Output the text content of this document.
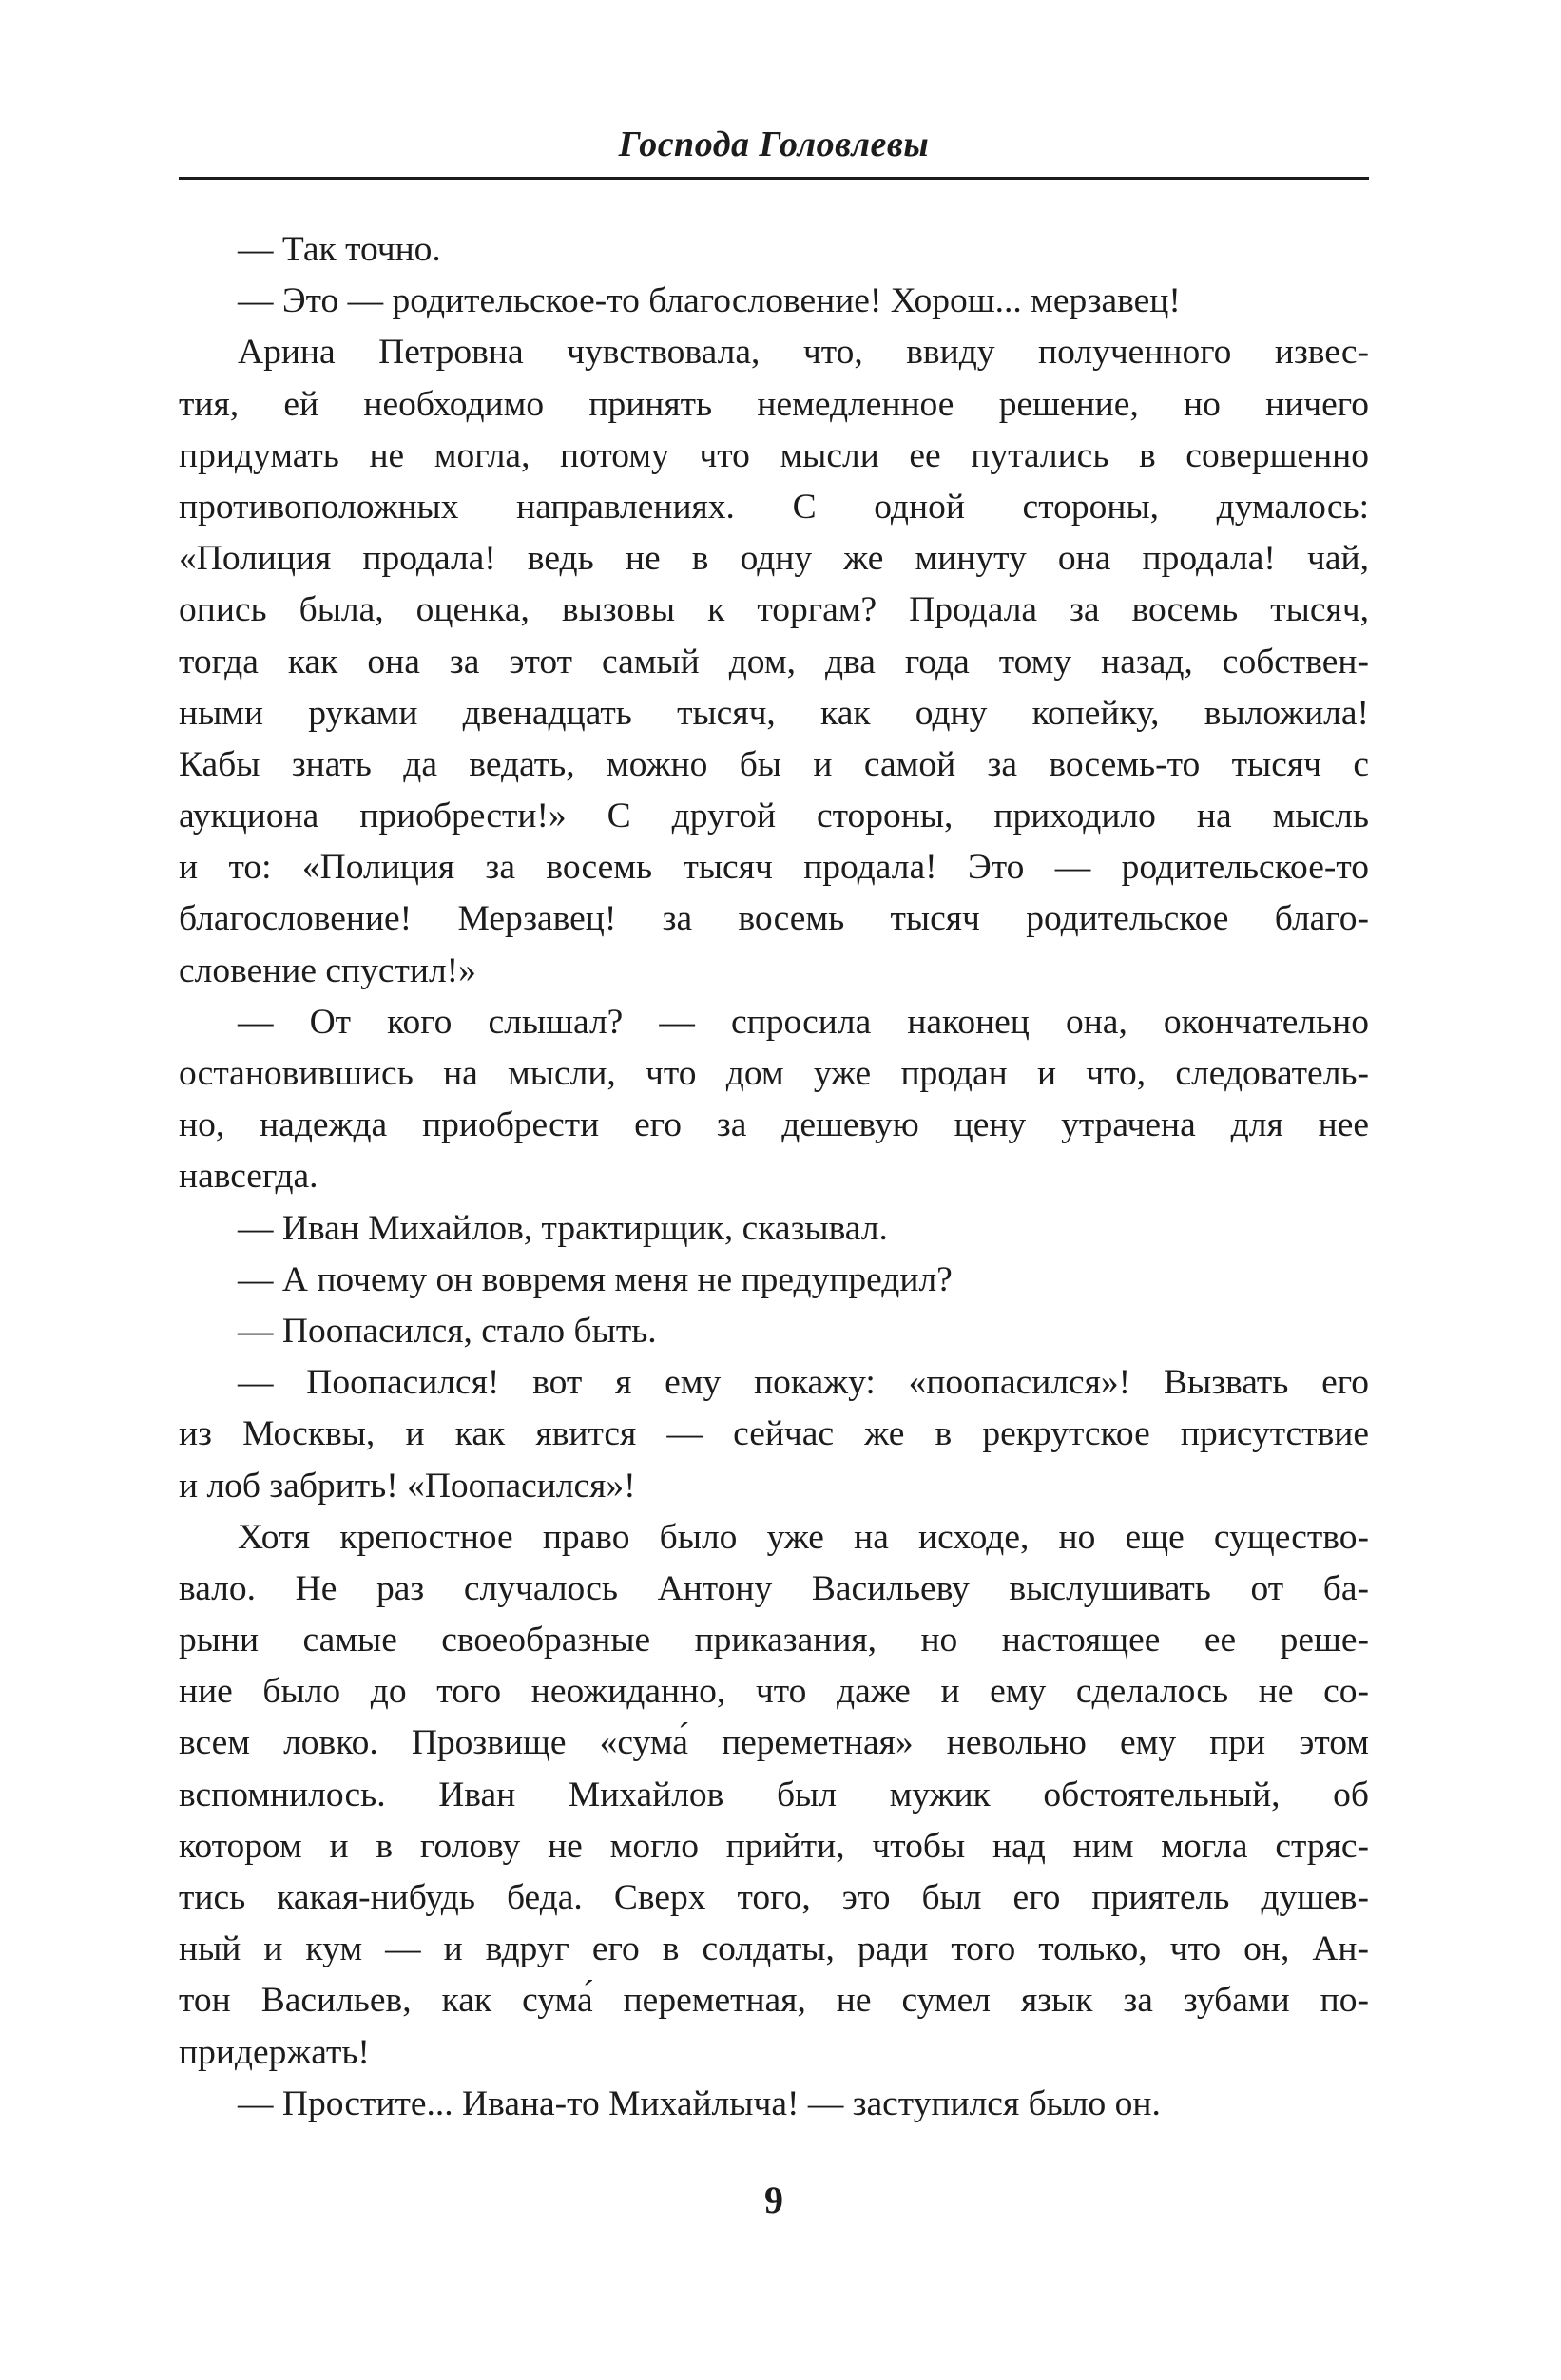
Господа Головлевы
— Так точно.
— Это — родительское-то благословение! Хорош... мерзавец!
Арина Петровна чувствовала, что, ввиду полученного извес-
тия, ей необходимо принять немедленное решение, но ничего
придумать не могла, потому что мысли ее путались в совершенно
противоположных направлениях. С одной стороны, думалось:
«Полиция продала! ведь не в одну же минуту она продала! чай,
опись была, оценка, вызовы к торгам? Продала за восемь тысяч,
тогда как она за этот самый дом, два года тому назад, собствен-
ными руками двенадцать тысяч, как одну копейку, выложила!
Кабы знать да ведать, можно бы и самой за восемь-то тысяч с
аукциона приобрести!» С другой стороны, приходило на мысль
и то: «Полиция за восемь тысяч продала! Это — родительское-то
благословение! Мерзавец! за восемь тысяч родительское благо-
словение спустил!»
— От кого слышал? — спросила наконец она, окончательно
остановившись на мысли, что дом уже продан и что, следователь-
но, надежда приобрести его за дешевую цену утрачена для нее
навсегда.
— Иван Михайлов, трактирщик, сказывал.
— А почему он вовремя меня не предупредил?
— Поопасился, стало быть.
— Поопасился! вот я ему покажу: «поопасился»! Вызвать его
из Москвы, и как явится — сейчас же в рекрутское присутствие
и лоб забрить! «Поопасился»!
Хотя крепостное право было уже на исходе, но еще существо-
вало. Не раз случалось Антону Васильеву выслушивать от ба-
рыни самые своеобразные приказания, но настоящее ее реше-
ние было до того неожиданно, что даже и ему сделалось не со-
всем ловко. Прозвище «сума́ переметная» невольно ему при этом
вспомнилось. Иван Михайлов был мужик обстоятельный, об
котором и в голову не могло прийти, чтобы над ним могла стряс-
тись какая-нибудь беда. Сверх того, это был его приятель душев-
ный и кум — и вдруг его в солдаты, ради того только, что он, Ан-
тон Васильев, как сума́ переметная, не сумел язык за зубами по-
придержать!
— Простите... Ивана-то Михайлыча! — заступился было он.
9
